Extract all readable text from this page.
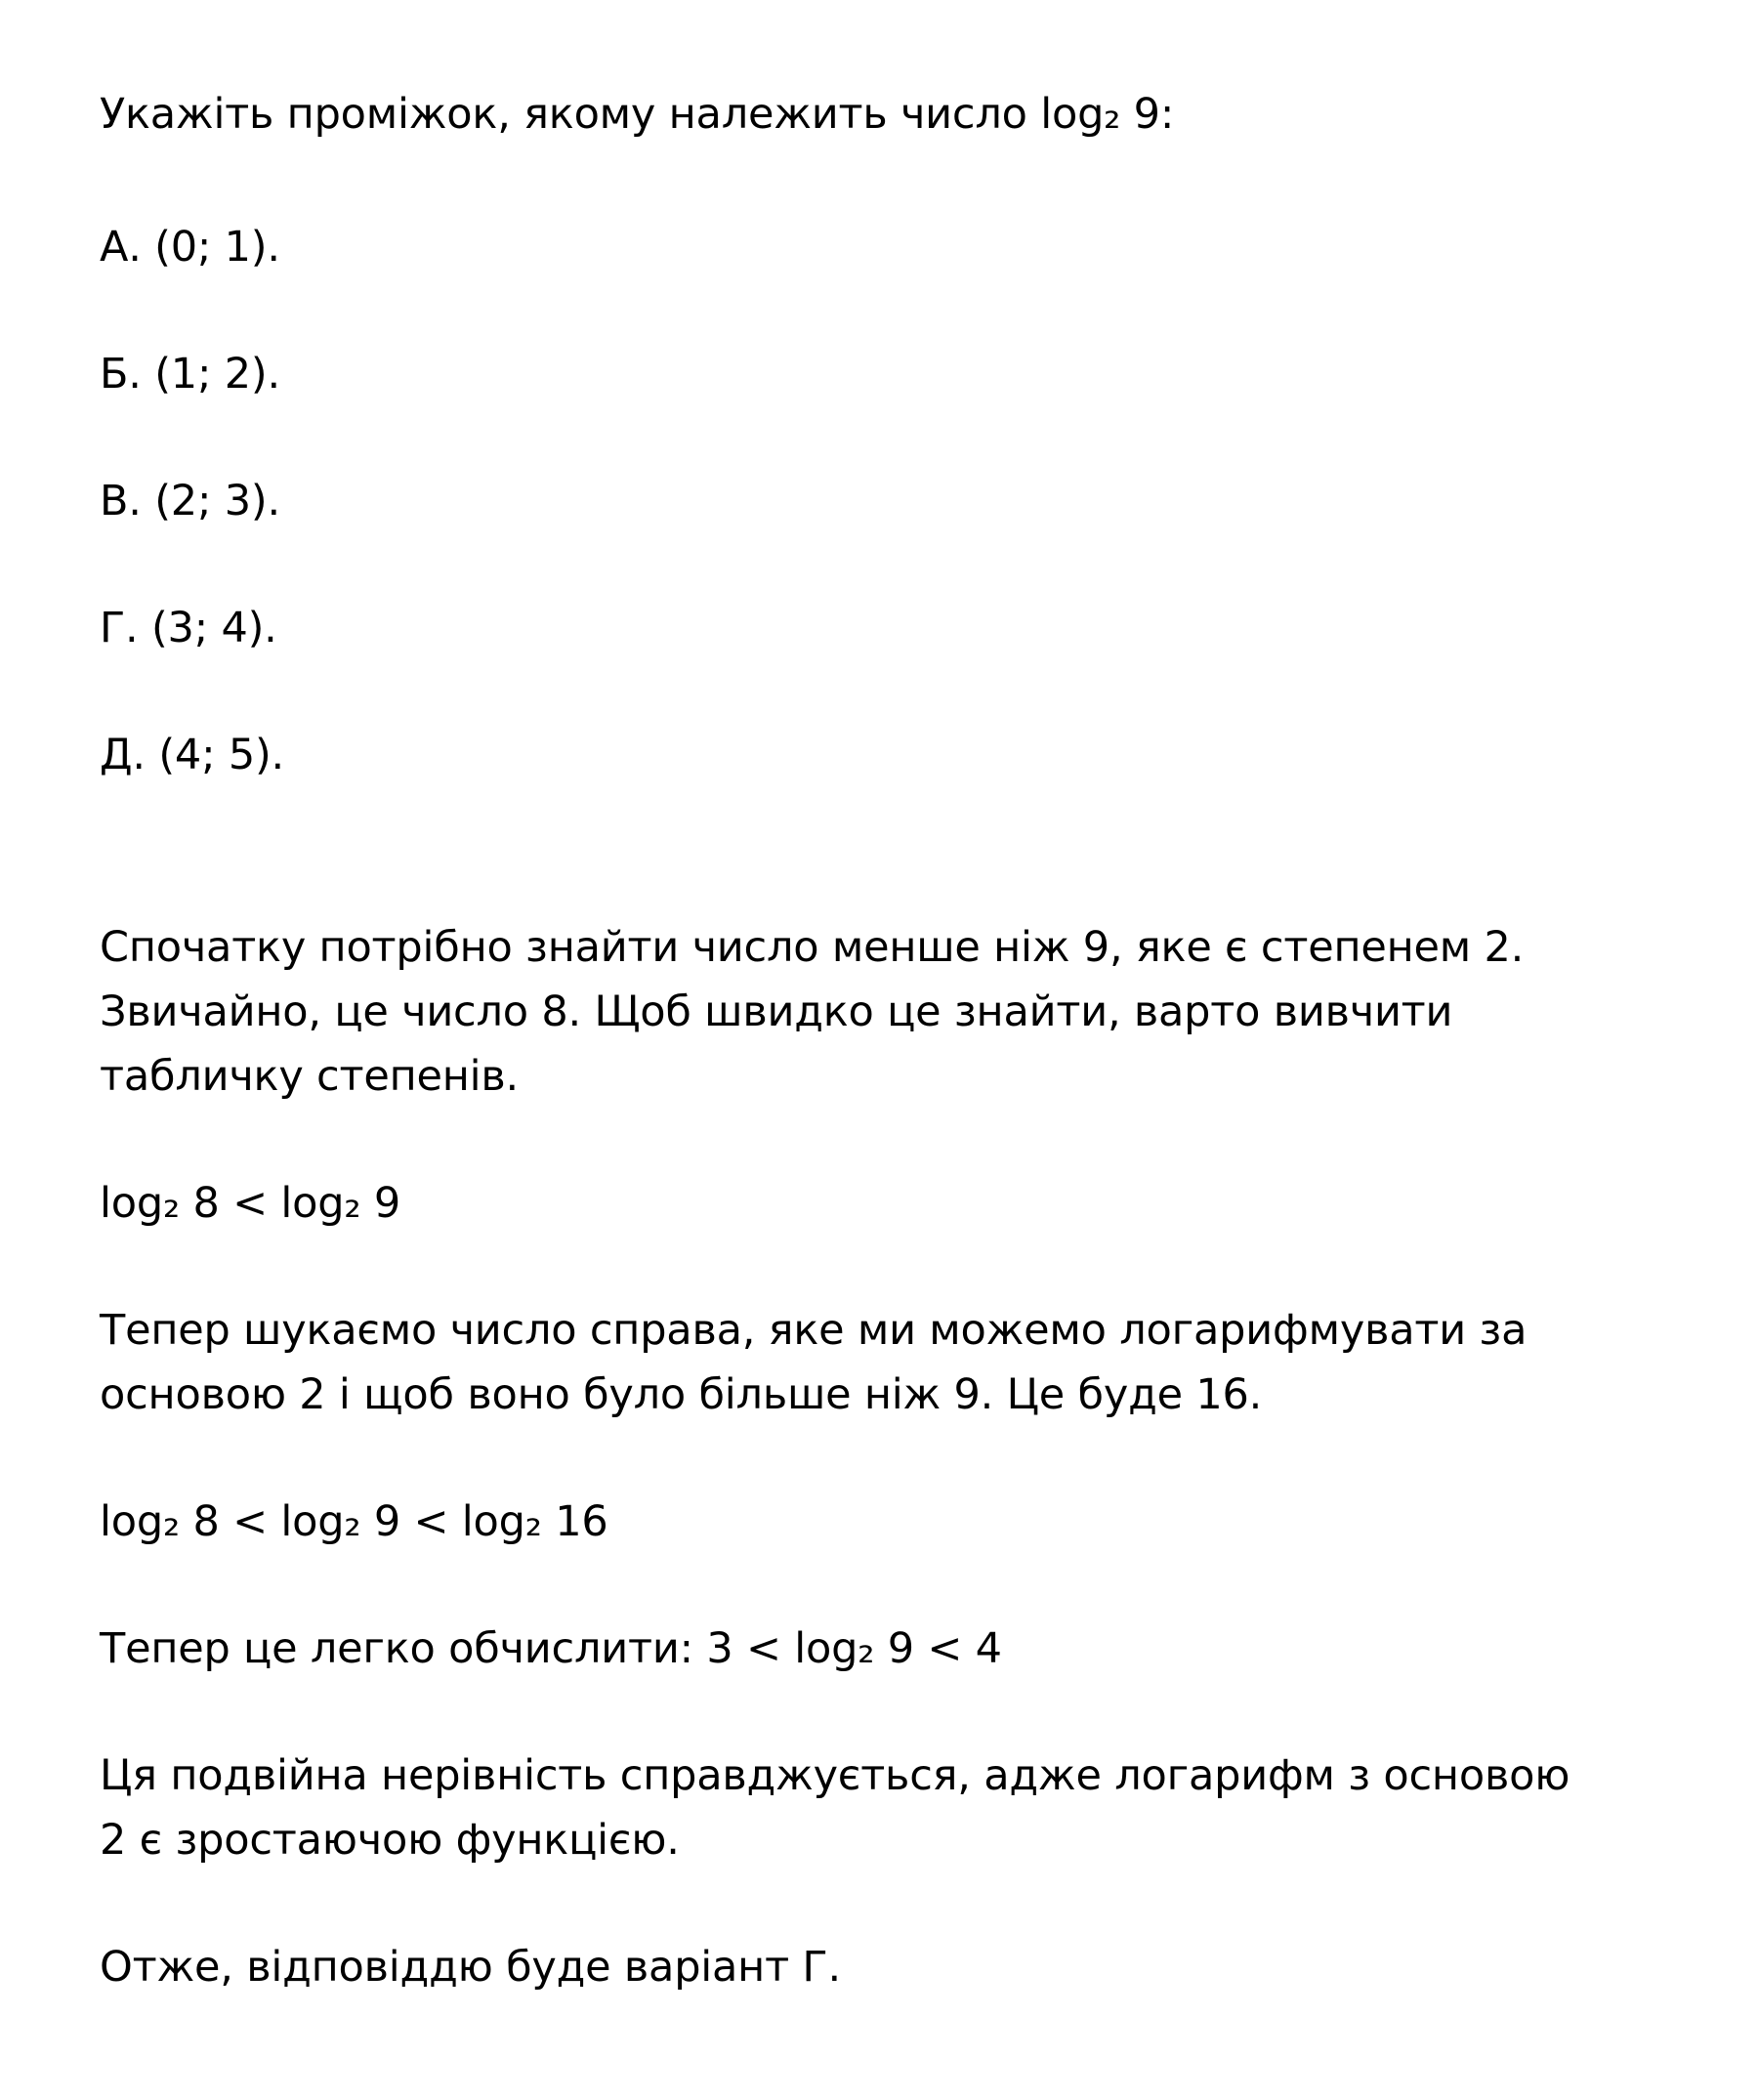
Укажіть проміжок, якому належить число log₂ 9:
А. (0; 1).
Б. (1; 2).
В. (2; 3).
Г. (3; 4).
Д. (4; 5).
Спочатку потрібно знайти число менше ніж 9, яке є степенем 2.
Звичайно, це число 8. Щоб швидко це знайти, варто вивчити
табличку степенів.
log₂ 8 < log₂ 9
Тепер шукаємо число справа, яке ми можемо логарифмувати за
основою 2 і щоб воно було більше ніж 9. Це буде 16.
log₂ 8 < log₂ 9 < log₂ 16
Тепер це легко обчислити: 3 < log₂ 9 < 4
Ця подвійна нерівність справджується, адже логарифм з основою
2 є зростаючою функцією.
Отже, відповіддю буде варіант Г.
